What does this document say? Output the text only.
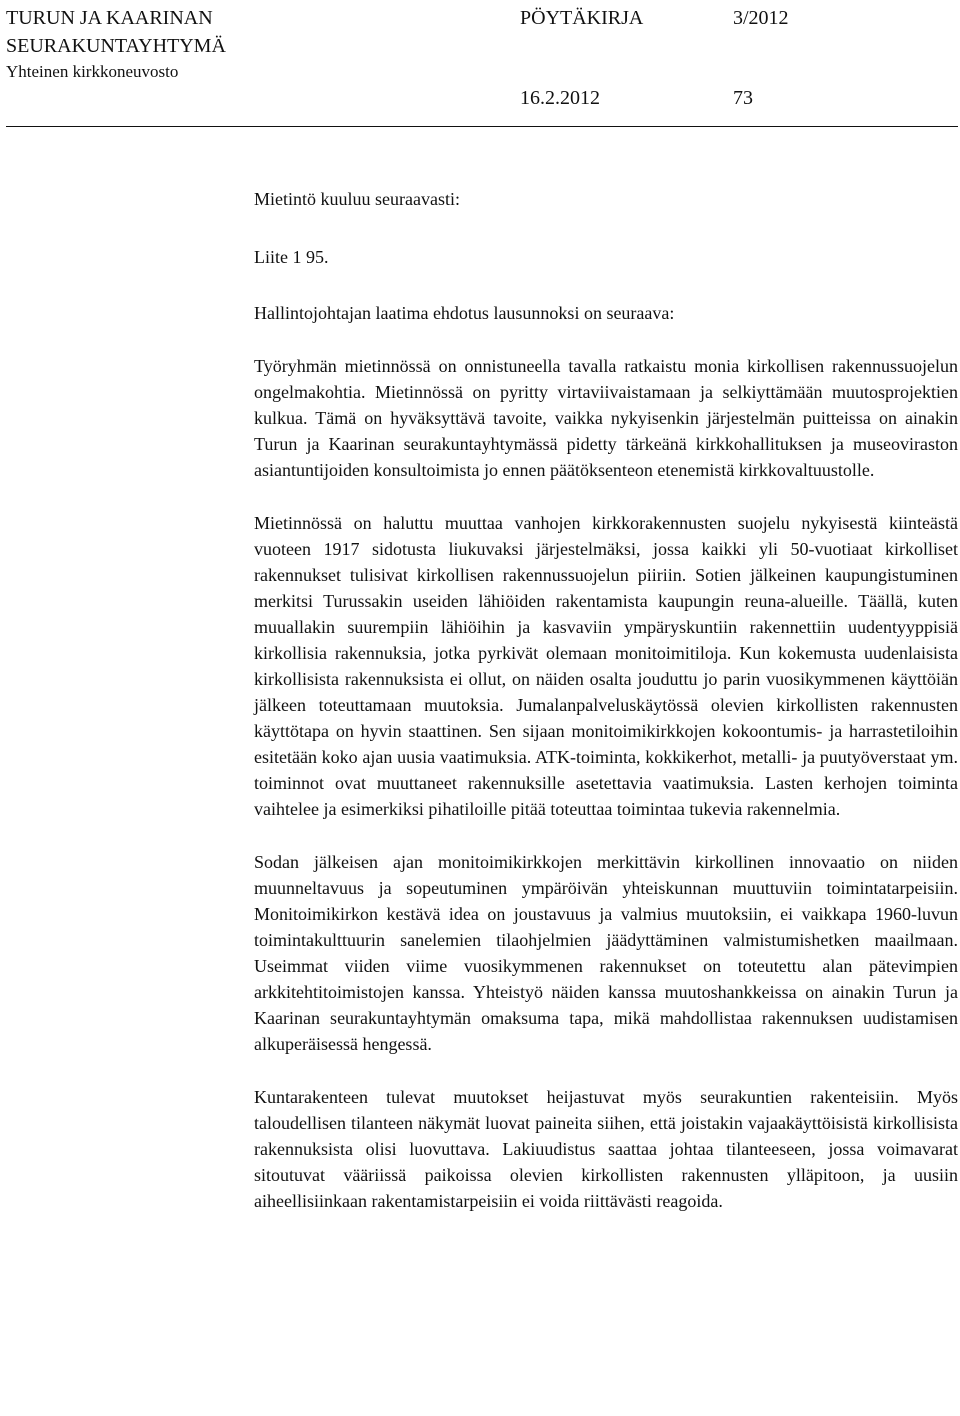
TURUN JA KAARINAN
SEURAKUNTAYHTYMÄ
Yhteinen kirkkoneuvosto
PÖYTÄKIRJA	3/2012
16.2.2012	73

Mietintö kuuluu seuraavasti:

Liite 1 95.

Hallintojohtajan laatima ehdotus lausunnoksi on seuraava:

Työryhmän mietinnössä on onnistuneella tavalla ratkaistu monia kirkollisen rakennussuojelun ongelmakohtia. Mietinnössä on pyritty virtaviivaistamaan ja selkiyttämään muutosprojektien kulkua. Tämä on hyväksyttävä tavoite, vaikka nykyisenkin järjestelmän puitteissa on ainakin Turun ja Kaarinan seurakuntayhtymässä pidetty tärkeänä kirkkohallituksen ja museoviraston asiantuntijoiden konsultoimista jo ennen päätöksenteon etenemistä kirkkovaltuustolle.

Mietinnössä on haluttu muuttaa vanhojen kirkkorakennusten suojelu nykyisestä kiinteästä vuoteen 1917 sidotusta liukuvaksi järjestelmäksi, jossa kaikki yli 50-vuotiaat kirkolliset rakennukset tulisivat kirkollisen rakennussuojelun piiriin. Sotien jälkeinen kaupungistuminen merkitsi Turussakin useiden lähiöiden rakentamista kaupungin reuna-alueille. Täällä, kuten muuallakin suurempiin lähiöihin ja kasvaviin ympäryskuntiin rakennettiin uudentyyppisiä kirkollisia rakennuksia, jotka pyrkivät olemaan monitoimitiloja. Kun kokemusta uudenlaisista kirkollisista rakennuksista ei ollut, on näiden osalta jouduttu jo parin vuosikymmenen käyttöiän jälkeen toteuttamaan muutoksia. Jumalanpalveluskäytössä olevien kirkollisten rakennusten käyttötapa on hyvin staattinen. Sen sijaan monitoimikirkkojen kokoontumis- ja harrastetiloihin esitetään koko ajan uusia vaatimuksia. ATK-toiminta, kokkikerhot, metalli- ja puutyöverstaat ym. toiminnot ovat muuttaneet rakennuksille asetettavia vaatimuksia. Lasten kerhojen toiminta vaihtelee ja esimerkiksi pihatiloille pitää toteuttaa toimintaa tukevia rakennelmia.

Sodan jälkeisen ajan monitoimikirkkojen merkittävin kirkollinen innovaatio on niiden muunneltavuus ja sopeutuminen ympäröivän yhteiskunnan muuttuviin toimintatarpeisiin. Monitoimikirkon kestävä idea on joustavuus ja valmius muutoksiin, ei vaikkapa 1960-luvun toimintakulttuurin sanelemien tilaohjelmien jäädyttäminen valmistumishetken maailmaan. Useimmat viiden viime vuosikymmenen rakennukset on toteutettu alan pätevimpien arkkitehtitoimistojen kanssa. Yhteistyö näiden kanssa muutoshankkeissa on ainakin Turun ja Kaarinan seurakuntayhtymän omaksuma tapa, mikä mahdollistaa rakennuksen uudistamisen alkuperäisessä hengessä.

Kuntarakenteen tulevat muutokset heijastuvat myös seurakuntien rakenteisiin. Myös taloudellisen tilanteen näkymät luovat paineita siihen, että joistakin vajaakäyttöisistä kirkollisista rakennuksista olisi luovuttava. Lakiuudistus saattaa johtaa tilanteeseen, jossa voimavarat sitoutuvat vääriissä paikoissa olevien kirkollisten rakennusten ylläpitoon, ja uusiin aiheellisiinkaan rakentamistarpeisiin ei voida riittävästi reagoida.
